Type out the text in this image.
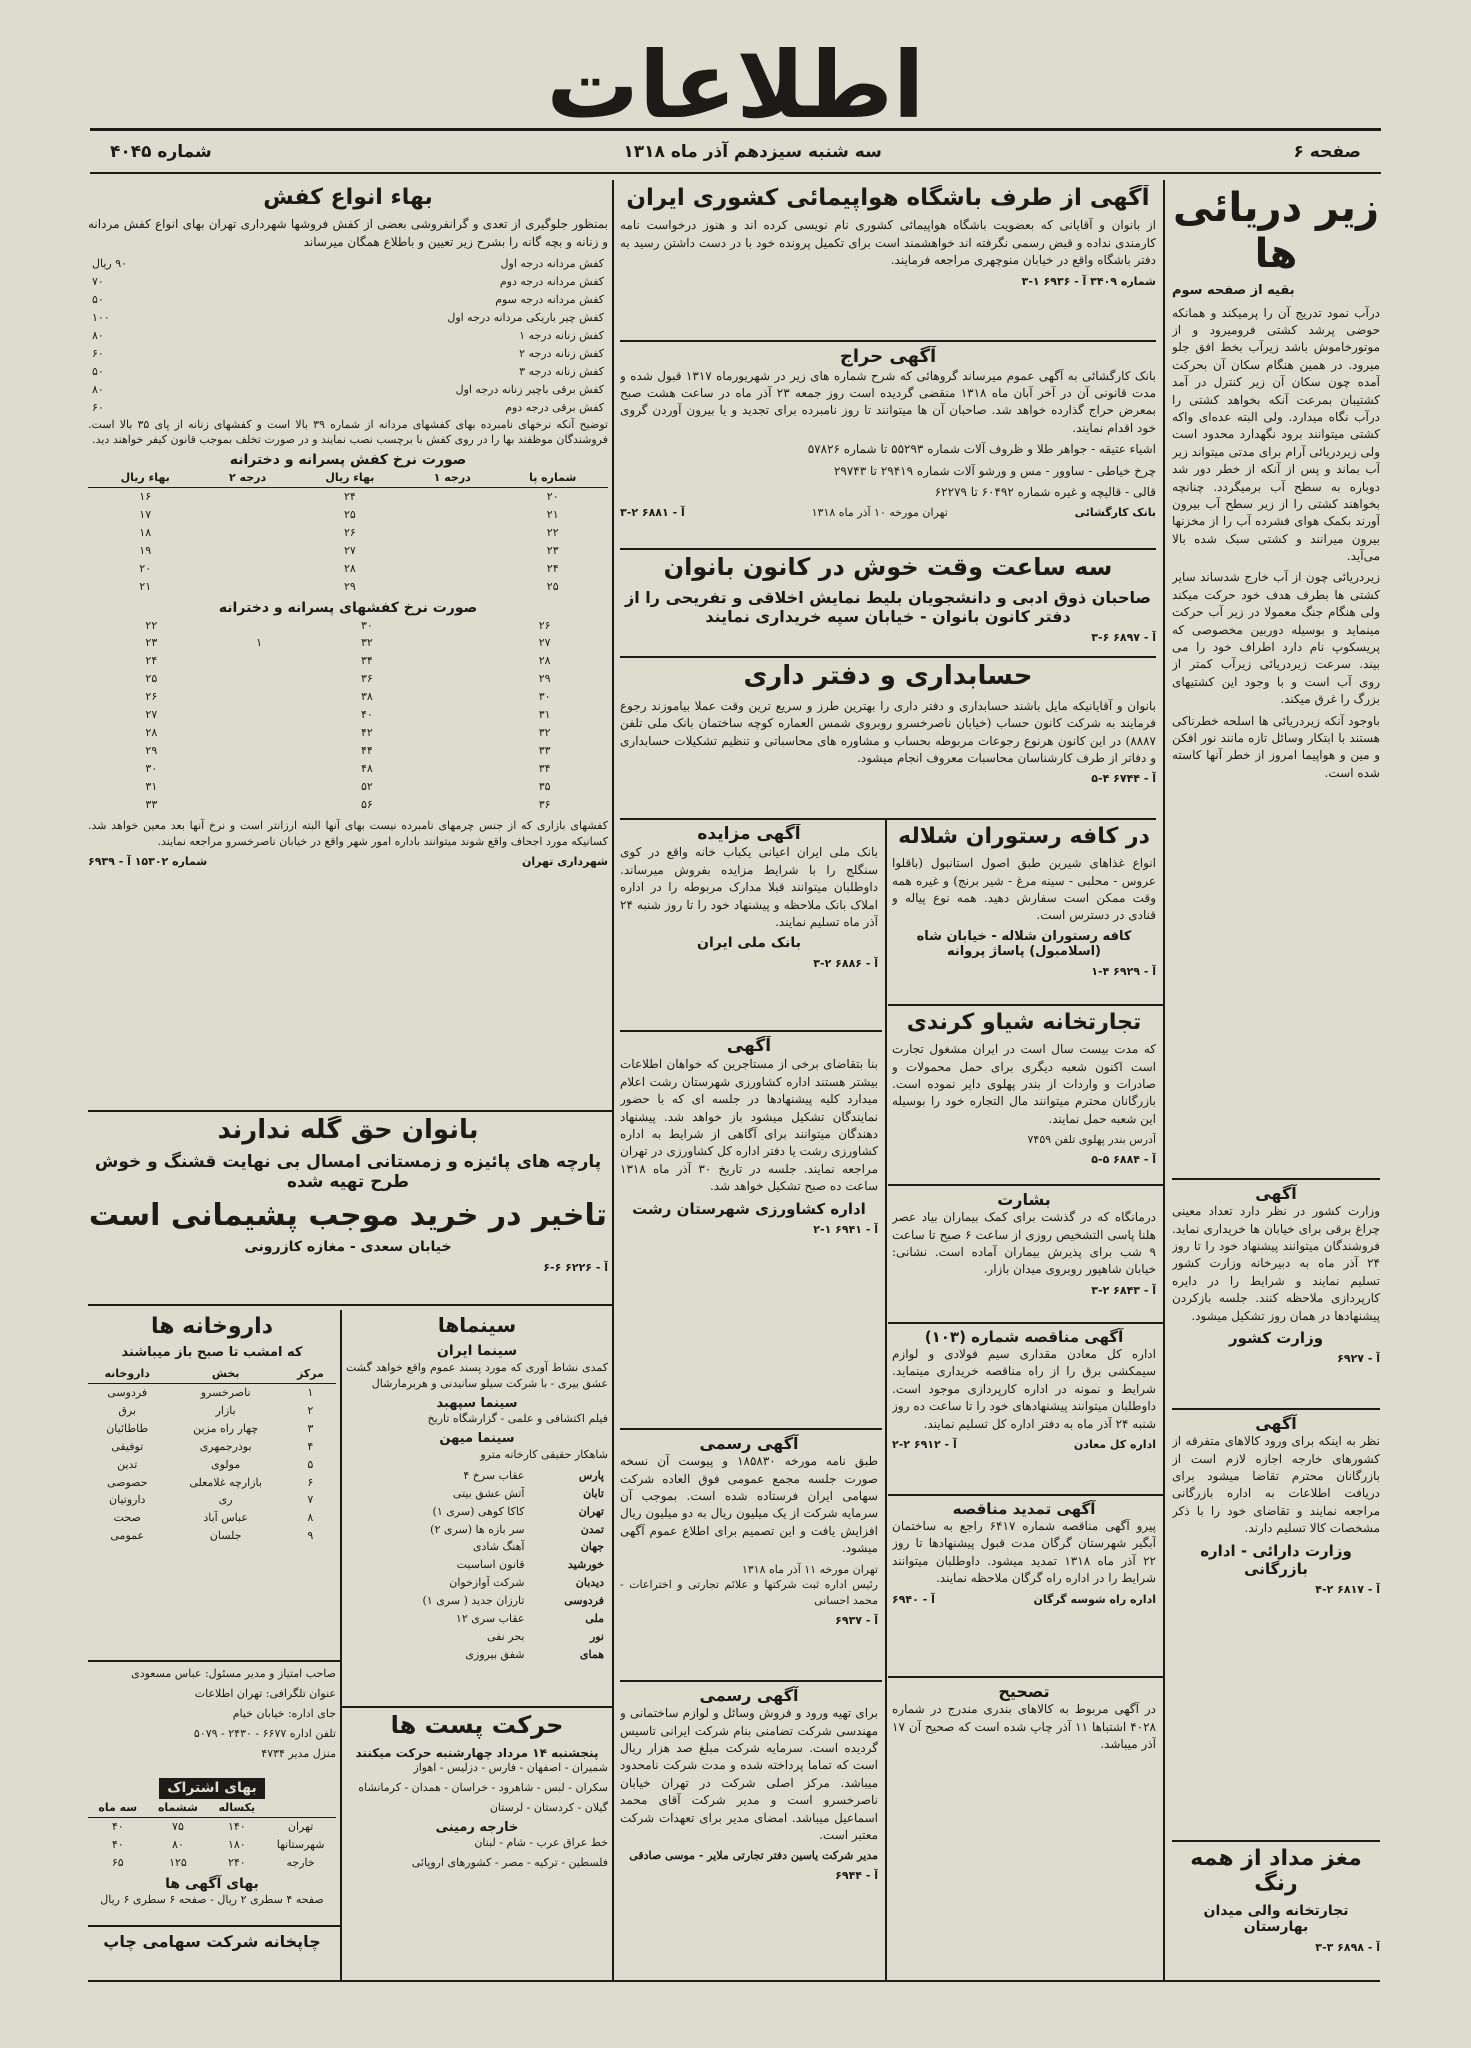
اطلاعات
صفحه ۶
سه شنبه سیزدهم آذر ماه ۱۳۱۸
شماره ۴۰۴۵
زیر دریائی ها
بقیه از صفحه سوم

درآب نمود تدریج آن را پرمیکند و همانکه حوضی پرشد کشتی فرومیرود و از موتورخاموش باشد زیرآب بخط افق جلو میرود. در همین هنگام سکان آن بحرکت آمده چون سکان آن زیر کنترل در آمد کشتیبان بمرعت آنکه بخواهد کشتی را درآب نگاه میدارد. ولی البته عده‌ای واکه کشتی میتوانند برود نگهدارد محدود است ولی زیردریائی آرام برای مدتی میتواند زیر آب بماند و پس از آنکه از خطر دور شد دوباره به سطح آب برمیگردد. چنانچه بخواهند کشتی را از زیر سطح آب بیرون آورند بکمک هوای فشرده آب را از مخزنها بیرون میرانند و کشتی سبک شده بالا می‌آید.

زیردریائی چون از آب خارج شدساند سایر کشتی ها بطرف هدف خود حرکت میکند ولی هنگام جنگ معمولا در زیر آب حرکت مینماید و بوسیله دوربین مخصوصی که پریسکوپ نام دارد اطراف خود را می بیند. سرعت زیردریائی زیرآب کمتر از روی آب است و با وجود این کشتیهای بزرگ را غرق میکند.

باوجود آنکه زیردریائی ها اسلحه خطرناکی هستند با ابتکار وسائل تازه مانند نور افکن و مین و هواپیما امروز از خطر آنها کاسته شده است.

آگهی

وزارت کشور در نظر دارد تعداد معینی چراغ برقی برای خیابان ها خریداری نماید. فروشندگان میتوانند پیشنهاد خود را تا روز ۲۴ آذر ماه به دبیرخانه وزارت کشور تسلیم نمایند و شرایط را در دایره کارپردازی ملاحظه کنند. جلسه بازکردن پیشنهادها در همان روز تشکیل میشود.

وزارت کشور
آ - ۶۹۲۷
آگهی

نظر به اینکه برای ورود کالاهای متفرقه از کشورهای خارجه اجازه لازم است از بازرگانان محترم تقاضا میشود برای دریافت اطلاعات به اداره بازرگانی مراجعه نمایند و تقاضای خود را با ذکر مشخصات کالا تسلیم دارند.

وزارت دارائی - اداره بازرگانی
آ - ۶۸۱۷ ۲-۴
مغز مداد از همه رنگ
تجارتخانه والی میدان بهارستان
آ - ۶۸۹۸ ۳-۳
آگهی از طرف باشگاه هواپیمائی کشوری ایران

از بانوان و آقایانی که بعضویت باشگاه هواپیمائی کشوری نام نویسی کرده اند و هنوز درخواست نامه کارمندی نداده و قبض رسمی نگرفته اند خواهشمند است برای تکمیل پرونده خود با در دست داشتن رسید به دفتر باشگاه واقع در خیابان منوچهری مراجعه فرمایند.

شماره ۳۴۰۹ آ - ۶۹۳۶ ۱-۳
آگهی حراج

بانک کارگشائی به آگهی عموم میرساند گروهائی که شرح شماره های زیر در شهریورماه ۱۳۱۷ قبول شده و مدت قانونی آن در آخر آبان ماه ۱۳۱۸ منقضی گردیده است روز جمعه ۲۳ آذر ماه در ساعت هشت صبح بمعرض حراج گذارده خواهد شد. صاحبان آن ها میتوانند تا روز نامبرده برای تجدید و یا بیرون آوردن گروی خود اقدام نمایند.

اشیاء عتیقه - جواهر طلا و ظروف آلات شماره ۵۵۲۹۳ تا شماره ۵۷۸۲۶

چرخ خیاطی - ساوور - مس و ورشو آلات شماره ۲۹۴۱۹ تا ۲۹۷۴۳

قالی - قالیچه و غیره شماره ۶۰۴۹۲ تا ۶۲۲۷۹

بانک کارگشائی
تهران مورخه ۱۰ آذر ماه ۱۳۱۸
آ - ۶۸۸۱ ۲-۳
سه ساعت وقت خوش در کانون بانوان
صاحبان ذوق ادبی و دانشجویان بلیط نمایش اخلاقی و تفریحی را از دفتر کانون بانوان - خیابان سپه خریداری نمایند
آ - ۶۸۹۷ ۶-۳
حسابداری و دفتر داری

بانوان و آقایانیکه مایل باشند حسابداری و دفتر داری را بهترین طرز و سریع ترین وقت عملا بیاموزند رجوع فرمایند به شرکت کانون حساب (خیابان ناصرخسرو روبروی شمس العماره کوچه ساختمان بانک ملی تلفن ۸۸۸۷) در این کانون هرنوع رجوعات مربوطه بحساب و مشاوره های محاسباتی و تنظیم تشکیلات حسابداری و دفاتر از طرف کارشناسان محاسبات معروف انجام میشود.

آ - ۶۷۴۴ ۴-۵
آگهی مزایده

بانک ملی ایران اعیانی یکباب خانه واقع در کوی سنگلج را با شرایط مزایده بفروش میرساند. داوطلبان میتوانند قبلا مدارک مربوطه را در اداره املاک بانک ملاحظه و پیشنهاد خود را تا روز شنبه ۲۴ آذر ماه تسلیم نمایند.

بانک ملی ایران
آ - ۶۸۸۶ ۲-۳
آگهی

بنا بتقاضای برخی از مستاجرین که خواهان اطلاعات بیشتر هستند اداره کشاورزی شهرستان رشت اعلام میدارد کلیه پیشنهادها در جلسه ای که با حضور نمایندگان تشکیل میشود باز خواهد شد. پیشنهاد دهندگان میتوانند برای آگاهی از شرایط به اداره کشاورزی رشت یا دفتر اداره کل کشاورزی در تهران مراجعه نمایند. جلسه در تاریخ ۳۰ آذر ماه ۱۳۱۸ ساعت ده صبح تشکیل خواهد شد.

اداره کشاورزی شهرستان رشت
آ - ۶۹۴۱ ۱-۲
آگهی رسمی

طبق نامه مورخه ۱۸۵۸۳۰ و پیوست آن نسخه صورت جلسه مجمع عمومی فوق العاده شرکت سهامی ایران فرستاده شده است. بموجب آن سرمایه شرکت از یک میلیون ریال به دو میلیون ریال افزایش یافت و این تصمیم برای اطلاع عموم آگهی میشود.

تهران مورخه ۱۱ آذر ماه ۱۳۱۸
رئیس اداره ثبت شرکتها و علائم تجارتی و اختراعات - محمد احسانی
آ - ۶۹۳۷
آگهی رسمی

برای تهیه ورود و فروش وسائل و لوازم ساختمانی و مهندسی شرکت تضامنی بنام شرکت ایرانی تاسیس گردیده است. سرمایه شرکت مبلغ صد هزار ریال است که تماما پرداخته شده و مدت شرکت نامحدود میباشد. مرکز اصلی شرکت در تهران خیابان ناصرخسرو است و مدیر شرکت آقای محمد اسماعیل میباشد. امضای مدیر برای تعهدات شرکت معتبر است.

مدیر شرکت یاسین دفتر تجارتی ملایر - موسی صادقی
آ - ۶۹۴۴
در کافه رستوران شلاله

انواع غذاهای شیرین طبق اصول استانبول (باقلوا عروس - محلبی - سینه مرغ - شیر برنج) و غیره همه وقت ممکن است سفارش دهید. همه نوع پیاله و قنادی در دسترس است.

کافه رستوران شلاله - خیابان شاه (اسلامبول) پاساژ پروانه
آ - ۶۹۲۹ ۴-۱
تجارتخانه شیاو کرندی

که مدت بیست سال است در ایران مشغول تجارت است اکنون شعبه دیگری برای حمل محمولات و صادرات و واردات از بندر پهلوی دایر نموده است. بازرگانان محترم میتوانند مال التجاره خود را بوسیله این شعبه حمل نمایند.

آدرس بندر پهلوی تلفن ۷۴۵۹
آ - ۶۸۸۴ ۵-۵
بشارت

درمانگاه که در گذشت برای کمک بیماران بیاد عصر هلنا پاسی التشخیص روزی از ساعت ۶ صبح تا ساعت ۹ شب برای پذیرش بیماران آماده است. نشانی: خیابان شاهپور روبروی میدان بازار.

آ - ۶۸۴۳ ۲-۳
آگهی مناقصه شماره (۱۰۳)

اداره کل معادن مقداری سیم فولادی و لوازم سیمکشی برق را از راه مناقصه خریداری مینماید. شرایط و نمونه در اداره کارپردازی موجود است. داوطلبان میتوانند پیشنهادهای خود را تا ساعت ده روز شنبه ۲۴ آذر ماه به دفتر اداره کل تسلیم نمایند.

اداره کل معادن
آ - ۶۹۱۲ ۲-۲
آگهی تمدید مناقصه

پیرو آگهی مناقصه شماره ۶۴۱۷ راجع به ساختمان آبگیر شهرستان گرگان مدت قبول پیشنهادها تا روز ۲۲ آذر ماه ۱۳۱۸ تمدید میشود. داوطلبان میتوانند شرایط را در اداره راه گرگان ملاحظه نمایند.

اداره راه شوسه گرگان
آ - ۶۹۴۰
تصحیح

در آگهی مربوط به کالاهای بندری مندرج در شماره ۴۰۲۸ اشتباها ۱۱ آذر چاپ شده است که صحیح آن ۱۷ آذر میباشد.

سینماها
سینما ایران

کمدی نشاط آوری که مورد پسند عموم واقع خواهد گشت عشق بیری - با شرکت سیلو سانیدنی و هربرمارشال

سینما سپهبد

فیلم اکتشافی و علمی - گزارشگاه تاریخ

سینما میهن

شاهکار حقیقی کارخانه مترو

پارس	عقاب سرخ ۴
تابان	آتش عشق بیتی
تهران	کاکا کوهی (سری ۱)
تمدن	سر بازه ها (سری ۲)
جهان	آهنگ شادی
خورشید	قانون اساسیت
دیدبان	شرکت آوازخوان
فردوسی	تارزان جدید ( سری ۱)
ملی	عقاب سری ۱۲
نور	بحر نفی
همای	شفق بیروزی
حرکت پست ها
پنجشنبه ۱۴ مرداد چهارشنبه حرکت میکنند

شمیران - اصفهان - فارس - دزلیس - اهواز

سکران - لبس - شاهرود - خراسان - همدان - کرمانشاه

گیلان - کردستان - لرستان

خارجه رمینی

خط عراق عرب - شام - لبنان

فلسطین - ترکیه - مصر - کشورهای اروپائی

بهاء انواع کفش

بمنظور جلوگیری از تعدی و گرانفروشی بعضی از کفش فروشها شهرداری تهران بهای انواع کفش مردانه و زنانه و بچه گانه را بشرح زیر تعیین و باطلاع همگان میرساند

کفش مردانه درجه اول	۹۰ ریال
کفش مردانه درجه دوم	۷۰
کفش مردانه درجه سوم	۵۰
کفش چیر باریکی مردانه درجه اول	۱۰۰
کفش زنانه درجه ۱	۸۰
کفش زنانه درجه ۲	۶۰
کفش زنانه درجه ۳	۵۰
کفش برقی باچیر زنانه درجه اول	۸۰
کفش برقی درجه دوم	۶۰

توضیح آنکه نرخهای نامبرده بهای کفشهای مردانه از شماره ۳۹ بالا است و کفشهای زنانه از پای ۳۵ بالا است. فروشندگان موظفند بها را در روی کفش با برچسب نصب نمایند و در صورت تخلف بموجب قانون کیفر خواهند دید.

صورت نرخ کفش پسرانه و دخترانه
شماره پا	درجه ۱	بهاء ریال	درجه ۲	بهاء ریال
۲۰		۲۴		۱۶
۲۱		۲۵		۱۷
۲۲		۲۶		۱۸
۲۳		۲۷		۱۹
۲۴		۲۸		۲۰
۲۵		۲۹		۲۱
صورت نرخ کفشهای پسرانه و دخترانه
۲۶		۳۰		۲۲
۲۷		۳۲	۱	۲۳
۲۸		۳۴		۲۴
۲۹		۳۶		۲۵
۳۰		۳۸		۲۶
۳۱		۴۰		۲۷
۳۲		۴۲		۲۸
۳۳		۴۴		۲۹
۳۴		۴۸		۳۰
۳۵		۵۲		۳۱
۳۶		۵۶		۳۳

کفشهای بازاری که از جنس چرمهای نامبرده نیست بهای آنها البته ارزانتر است و نرخ آنها بعد معین خواهد شد. کسانیکه مورد اجحاف واقع شوند میتوانند باداره امور شهر واقع در خیابان ناصرخسرو مراجعه نمایند.

شهرداری تهران
شماره ۱۵۳۰۲ آ - ۶۹۳۹
بانوان حق گله ندارند
پارچه های پائیزه و زمستانی امسال بی نهایت قشنگ و خوش طرح تهیه شده
تاخیر در خرید موجب پشیمانی است
خیابان سعدی - مغازه کازرونی
آ - ۶۲۲۶ ۶-۶
داروخانه ها
که امشب تا صبح باز میباشند
مرکز	بخش	داروخانه
۱	ناصرخسرو	فردوسی
۲	بازار	برق
۳	چهار راه مزین	طاطائیان
۴	بوذرجمهری	توفیقی
۵	مولوی	تدین
۶	بازارچه غلامعلی	حصوصی
۷	ری	داروتیان
۸	عباس آباد	صحت
۹	جلسان	عمومی

صاحب امتیاز و مدیر مسئول: عباس مسعودی

عنوان تلگرافی: تهران اطلاعات

جای اداره: خیابان خیام

تلفن اداره ۶۶۷۷ - ۲۴۳۰ - ۵۰۷۹

منزل مدیر ۴۷۳۴

بهای اشتراک
	یکساله	ششماه	سه ماه
تهران	۱۴۰	۷۵	۴۰
شهرستانها	۱۸۰	۸۰	۴۰
خارجه	۲۴۰	۱۲۵	۶۵
بهای آگهی ها
صفحه ۴ سطری ۲ ریال - صفحه ۶ سطری ۶ ریال
چاپخانه شرکت سهامی چاپ
